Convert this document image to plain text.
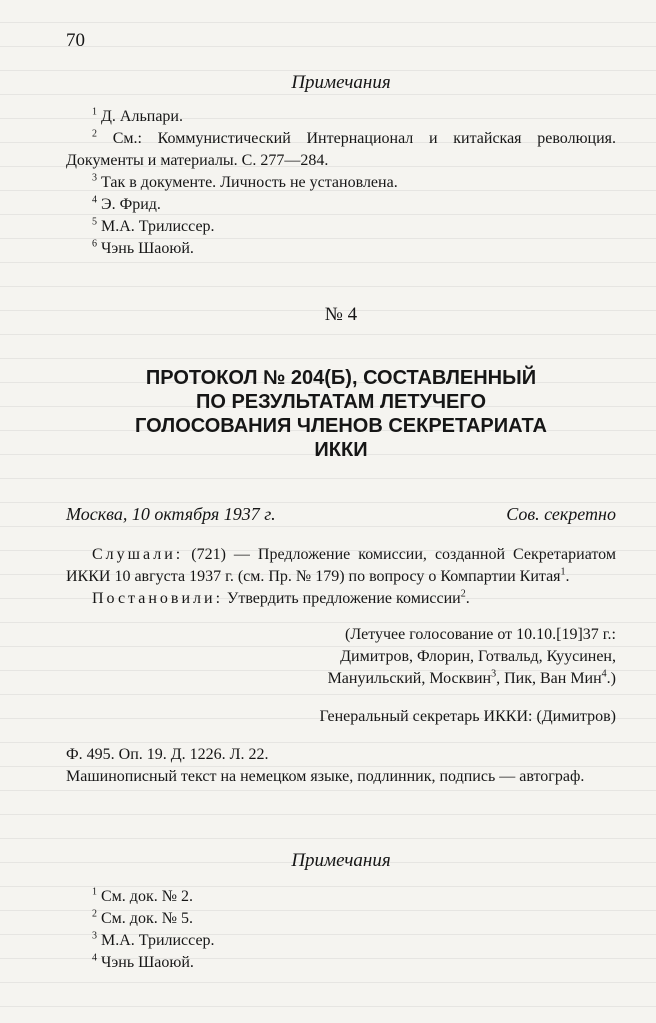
70
Примечания
$^1$ Д. Альпари.
$^2$ См.: Коммунистический Интернационал и китайская революция. Документы и материалы. С. 277—284.
$^3$ Так в документе. Личность не установлена.
$^4$ Э. Фрид.
$^5$ М.А. Трилиссер.
$^6$ Чэнь Шаоюй.
№ 4
ПРОТОКОЛ № 204(Б), СОСТАВЛЕННЫЙ
ПО РЕЗУЛЬТАТАМ ЛЕТУЧЕГО
ГОЛОСОВАНИЯ ЧЛЕНОВ СЕКРЕТАРИАТА
ИККИ
Москва, 10 октября 1937 г.	Сов. секретно
Слушали: (721) — Предложение комиссии, созданной Секретариатом ИККИ 10 августа 1937 г. (см. Пр. № 179) по вопросу о Компартии Китая$^1$.
Постановили: Утвердить предложение комиссии$^2$.
(Летучее голосование от 10.10.[19]37 г.:
Димитров, Флорин, Готвальд, Куусинен,
Мануильский, Москвин$^3$, Пик, Ван Мин$^4$.)
Генеральный секретарь ИККИ: (Димитров)
Ф. 495. Оп. 19. Д. 1226. Л. 22.
Машинописный текст на немецком языке, подлинник, подпись — автограф.
Примечания
$^1$ См. док. № 2.
$^2$ См. док. № 5.
$^3$ М.А. Трилиссер.
$^4$ Чэнь Шаоюй.
